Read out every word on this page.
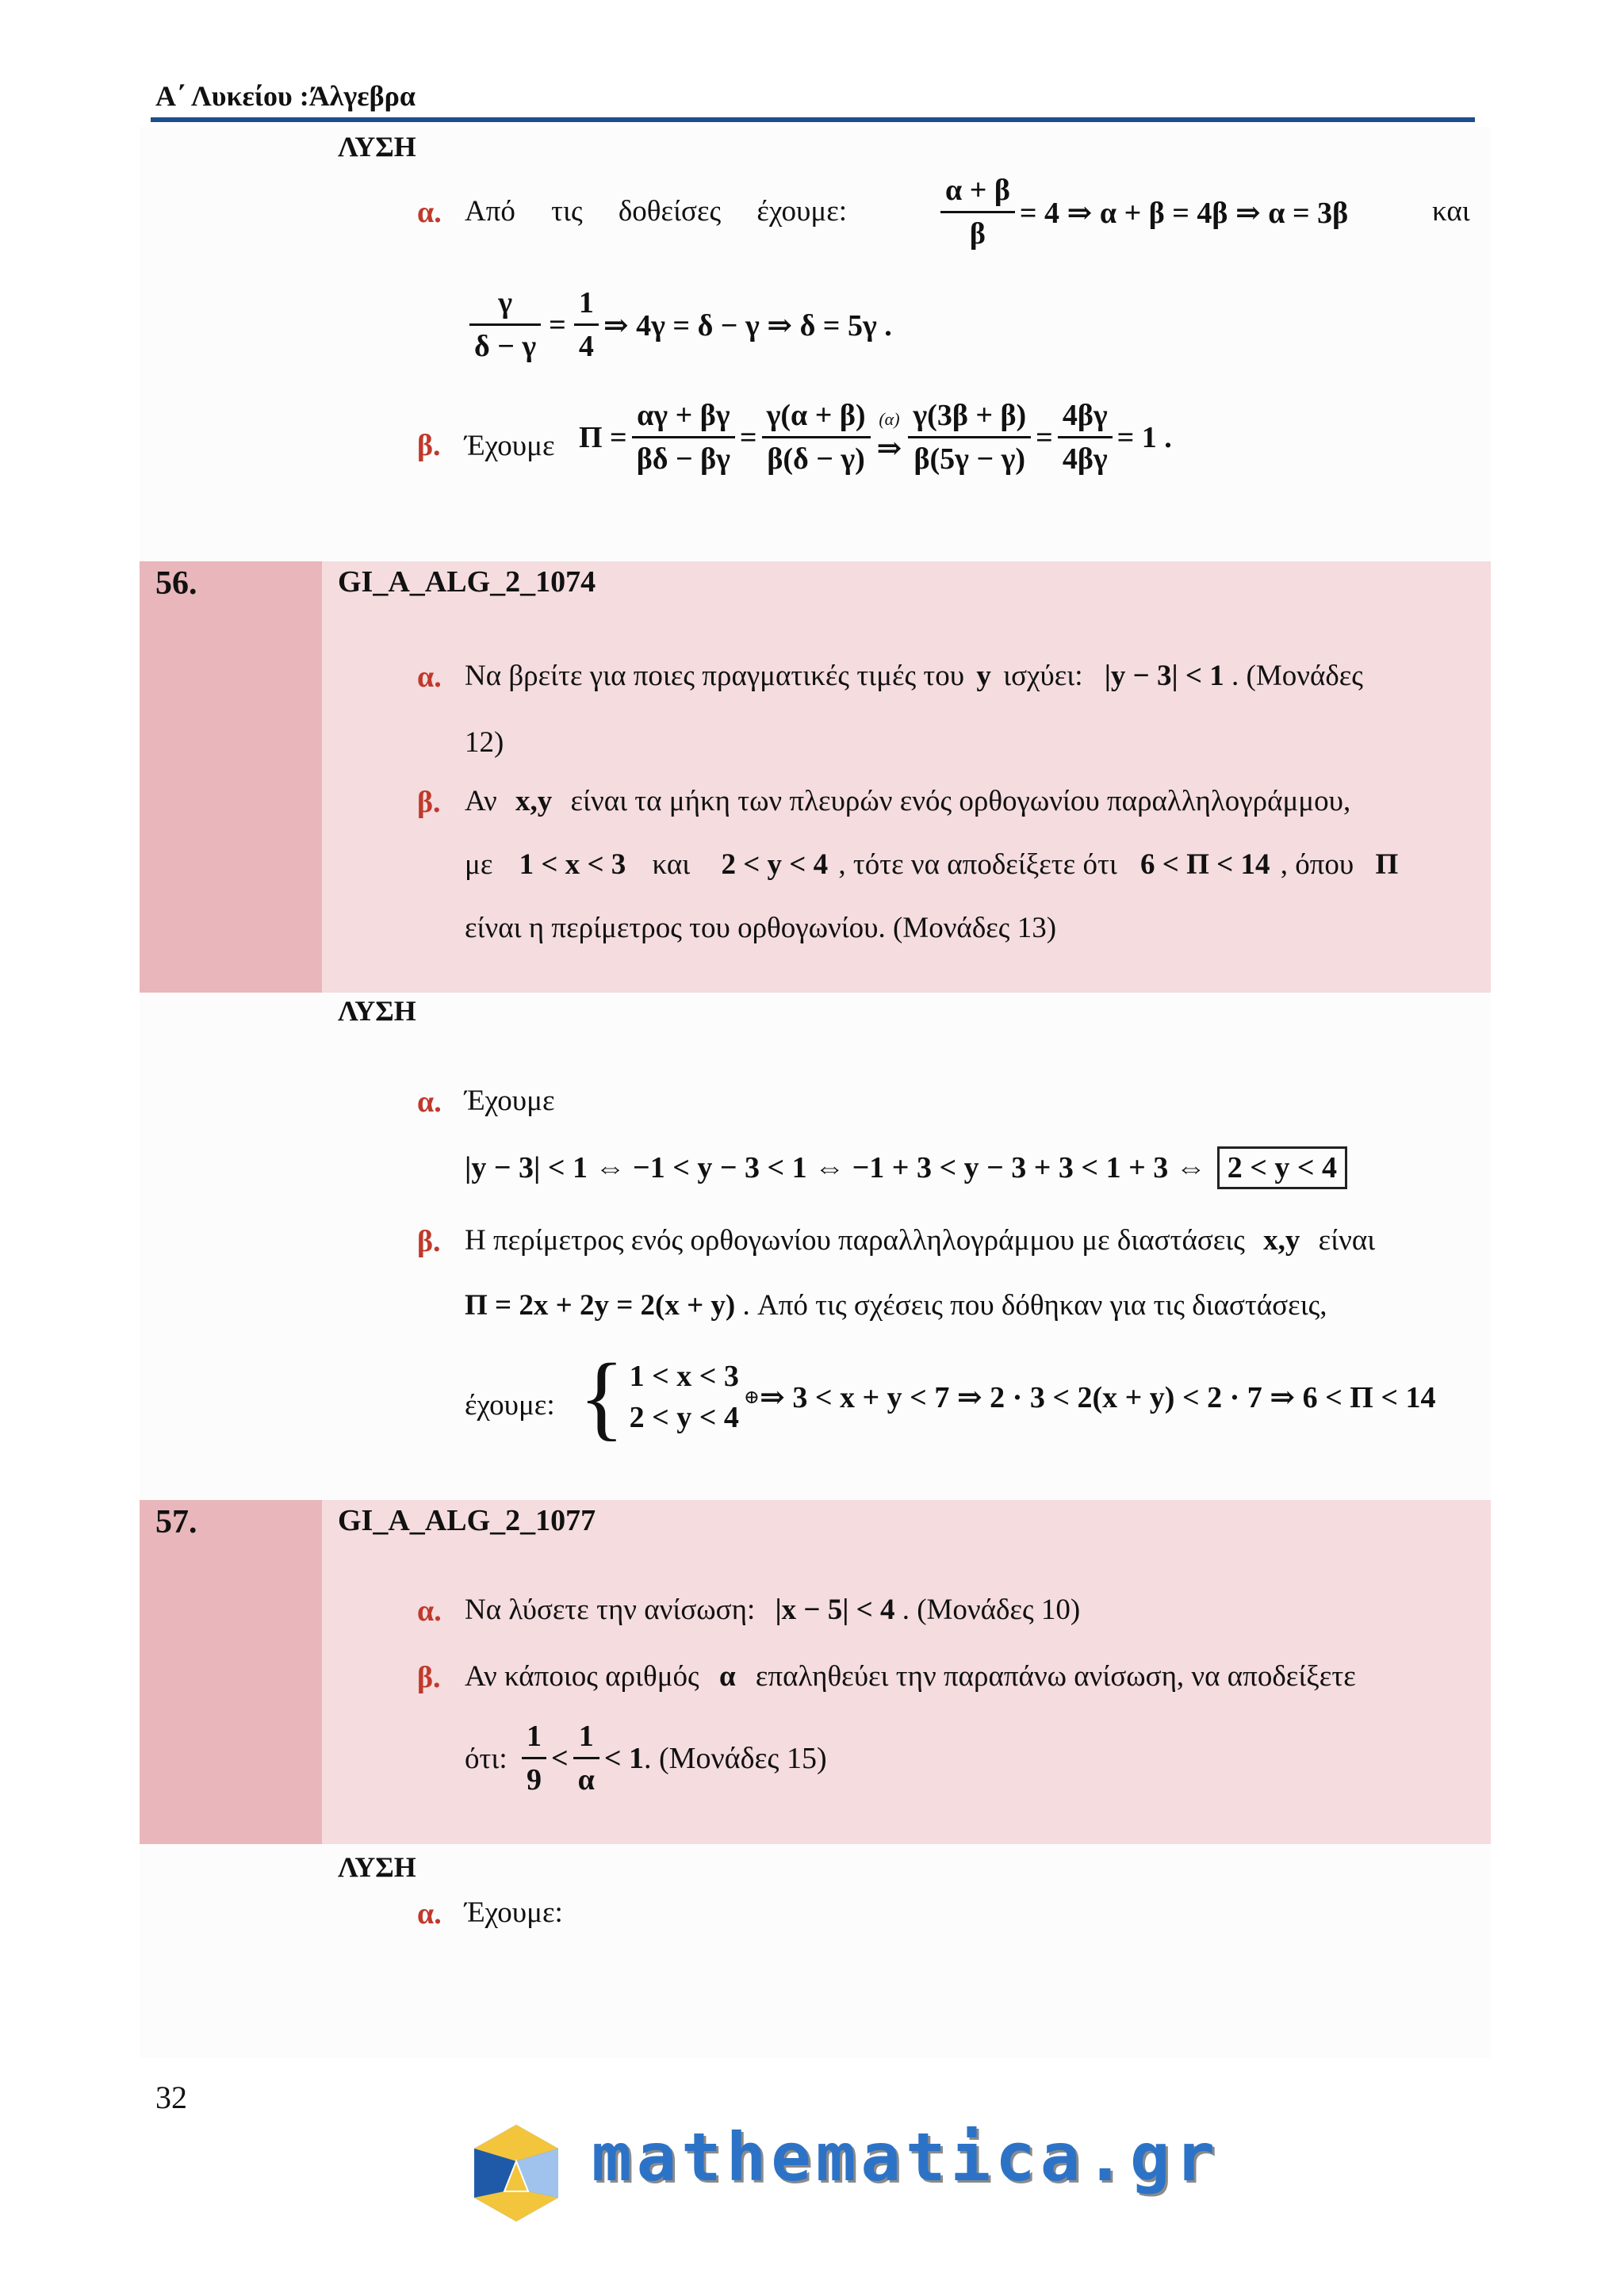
Α΄ Λυκείου :Άλγεβρα
ΛΥΣΗ
α. Από τις δοθείσες έχουμε:	$\frac{\alpha + \beta}{\beta} = 4$ ⇒ α + β = 4β ⇒ α = 3β	και
$\frac{\gamma}{\delta - \gamma} = \frac{1}{4}$ ⇒ 4γ = δ − γ ⇒ δ = 5γ .
β. Έχουμε $\Pi = \frac{\alpha\gamma + \beta\gamma}{\beta\delta - \beta\gamma} = \frac{\gamma(\alpha + \beta)}{\beta(\delta - \gamma)} (\alpha)$
⇒ $\frac{\gamma(3\beta + \beta)}{\beta(5\gamma - \gamma)} = \frac{4\beta\gamma}{4\beta\gamma} = 1$ .
56.	GI_A_ALG_2_1074
α. Να βρείτε για ποιες πραγματικές τιμές του y ισχύει: |y − 3| < 1 . (Μονάδες
12)
β. Αν x,y είναι τα μήκη των πλευρών ενός ορθογωνίου παραλληλογράμμου,
με 1 < x < 3 και 2 < y < 4 , τότε να αποδείξετε ότι 6 < Π < 14 , όπου Π
είναι η περίμετρος του ορθογωνίου. (Μονάδες 13)
ΛΥΣΗ
α. Έχουμε
|y − 3| < 1 ⇔ −1 < y − 3 < 1 ⇔ −1 + 3 < y − 3 + 3 < 1 + 3 ⇔ 2 < y < 4
β. Η περίμετρος ενός ορθογωνίου παραλληλογράμμου με διαστάσεις x,y είναι
Π = 2x + 2y = 2(x + y) . Από τις σχέσεις που δόθηκαν για τις διαστάσεις,
έχουμε: { 1 < x < 3
2 < y < 4
⊕ ⇒ 3 < x + y < 7 ⇒ 2 · 3 < 2(x + y) < 2 · 7 ⇒ 6 < Π < 14
57.	GI_A_ALG_2_1077
α. Να λύσετε την ανίσωση: |x − 5| < 4 . (Μονάδες 10)
β. Αν κάποιος αριθμός α επαληθεύει την παραπάνω ανίσωση, να αποδείξετε
ότι: $\frac{1}{9} < \frac{1}{\alpha} < 1$ . (Μονάδες 15)
ΛΥΣΗ
α. Έχουμε:
32
mathematica.gr
